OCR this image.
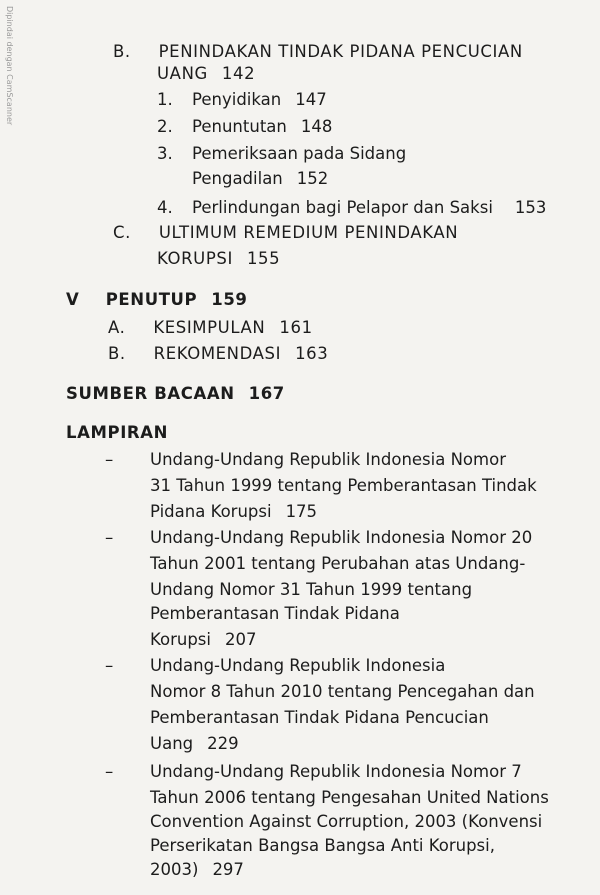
Dipindai dengan CamScanner

	B. PENINDAKAN TINDAK PIDANA PENCUCIAN
UANG 142
1. Penyidikan 147
2. Penuntutan 148
3. Pemeriksaan pada Sidang
Pengadilan 152
4. Perlindungan bagi Pelapor dan Saksi 153
C. ULTIMUM REMEDIUM PENINDAKAN
KORUPSI 155
V PENUTUP 159
A. KESIMPULAN 161
B. REKOMENDASI 163
SUMBER BACAAN 167
LAMPIRAN
– Undang-Undang Republik Indonesia Nomor
31 Tahun 1999 tentang Pemberantasan Tindak
Pidana Korupsi 175
– Undang-Undang Republik Indonesia Nomor 20
Tahun 2001 tentang Perubahan atas Undang-
Undang Nomor 31 Tahun 1999 tentang
Pemberantasan Tindak Pidana
Korupsi 207
– Undang-Undang Republik Indonesia
Nomor 8 Tahun 2010 tentang Pencegahan dan
Pemberantasan Tindak Pidana Pencucian
Uang 229
– Undang-Undang Republik Indonesia Nomor 7
Tahun 2006 tentang Pengesahan United Nations
Convention Against Corruption, 2003 (Konvensi
Perserikatan Bangsa Bangsa Anti Korupsi,
2003) 297
